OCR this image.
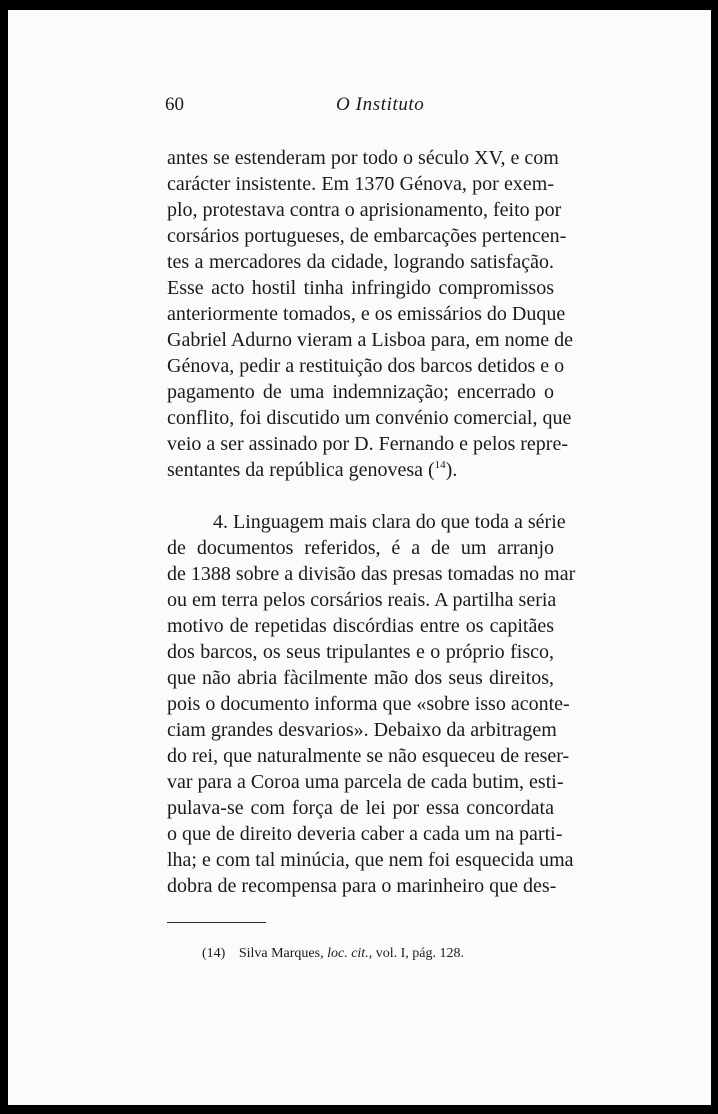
60	O Instituto
antes se estenderam por todo o século XV, e com
carácter insistente. Em 1370 Génova, por exem-
plo, protestava contra o aprisionamento, feito por
corsários portugueses, de embarcações pertencen-
tes a mercadores da cidade, logrando satisfação.
Esse acto hostil tinha infringido compromissos
anteriormente tomados, e os emissários do Duque
Gabriel Adurno vieram a Lisboa para, em nome de
Génova, pedir a restituição dos barcos detidos e o
pagamento de uma indemnização; encerrado o
conflito, foi discutido um convénio comercial, que
veio a ser assinado por D. Fernando e pelos repre-
sentantes da república genovesa ($^{14}$).
4. Linguagem mais clara do que toda a série
de documentos referidos, é a de um arranjo
de 1388 sobre a divisão das presas tomadas no mar
ou em terra pelos corsários reais. A partilha seria
motivo de repetidas discórdias entre os capitães
dos barcos, os seus tripulantes e o próprio fisco,
que não abria fàcilmente mão dos seus direitos,
pois o documento informa que «sobre isso aconte-
ciam grandes desvarios». Debaixo da arbitragem
do rei, que naturalmente se não esqueceu de reser-
var para a Coroa uma parcela de cada butim, esti-
pulava-se com força de lei por essa concordata
o que de direito deveria caber a cada um na parti-
lha; e com tal minúcia, que nem foi esquecida uma
dobra de recompensa para o marinheiro que des-
(14) Silva Marques, loc. cit., vol. I, pág. 128.
